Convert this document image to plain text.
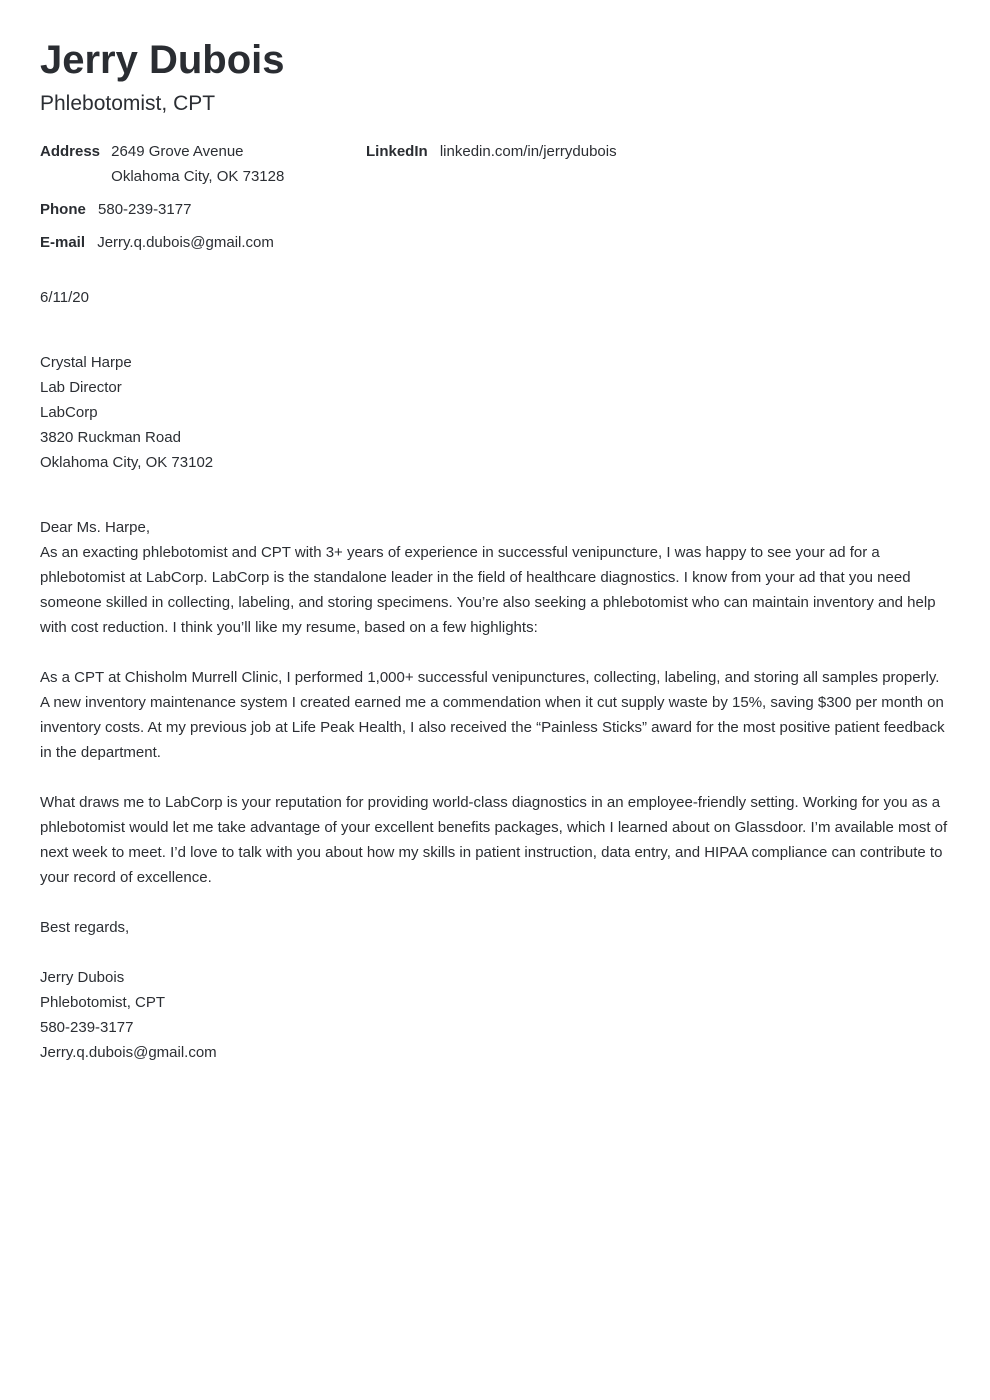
Jerry Dubois
Phlebotomist, CPT
Address 2649 Grove Avenue
Oklahoma City, OK 73128
LinkedIn linkedin.com/in/jerrydubois
Phone 580-239-3177
E-mail Jerry.q.dubois@gmail.com
6/11/20
Crystal Harpe
Lab Director
LabCorp
3820 Ruckman Road
Oklahoma City, OK 73102

Dear Ms. Harpe,

As an exacting phlebotomist and CPT with 3+ years of experience in successful venipuncture, I was happy to see your ad for a phlebotomist at LabCorp. LabCorp is the standalone leader in the field of healthcare diagnostics. I know from your ad that you need someone skilled in collecting, labeling, and storing specimens. You’re also seeking a phlebotomist who can maintain inventory and help with cost reduction. I think you’ll like my resume, based on a few highlights:

As a CPT at Chisholm Murrell Clinic, I performed 1,000+ successful venipunctures, collecting, labeling, and storing all samples properly. A new inventory maintenance system I created earned me a commendation when it cut supply waste by 15%, saving $300 per month on inventory costs. At my previous job at Life Peak Health, I also received the “Painless Sticks” award for the most positive patient feedback in the department.

What draws me to LabCorp is your reputation for providing world-class diagnostics in an employee-friendly setting. Working for you as a phlebotomist would let me take advantage of your excellent benefits packages, which I learned about on Glassdoor. I’m available most of next week to meet. I’d love to talk with you about how my skills in patient instruction, data entry, and HIPAA compliance can contribute to your record of excellence.

Best regards,

Jerry Dubois
Phlebotomist, CPT
580-239-3177
Jerry.q.dubois@gmail.com
